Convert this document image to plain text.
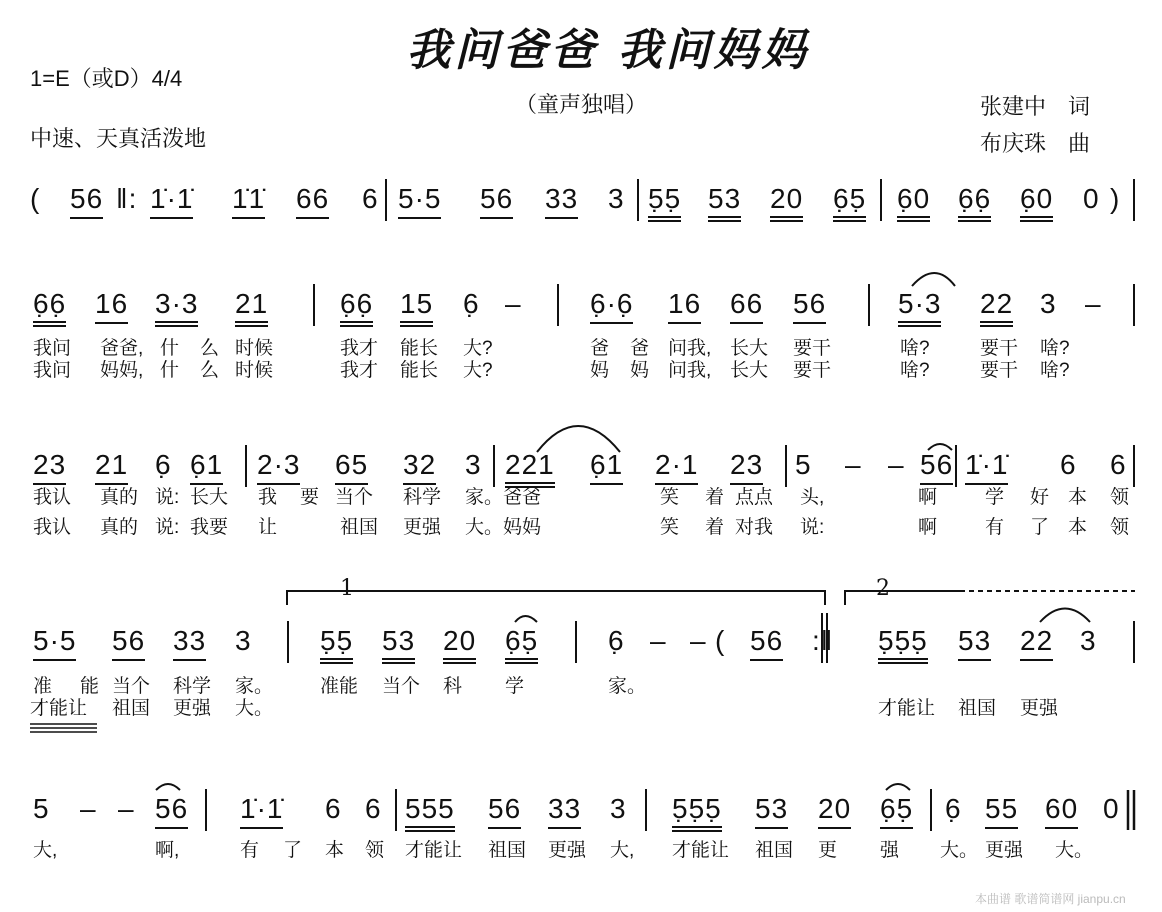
我问爸爸 我问妈妈
1=E（或D）4/4
（童声独唱）
中速、天真活泼地
张建中　词
布庆珠　曲
1	2
本曲谱 歌谱简谱网 jianpu.cn
( 56 ‖: 1̇·1̇ 1̇1̇ 66 6 5·5 56 33 3 5̣5̣ 53 20 6̣5̣ 6̣0 6̣6̣ 6̣0 0 )
6̣6̣ 16 3·3 21	6̣6̣ 15 6̣ – 6̣·6̣ 16 66 56	5·3 22 3 –
我问 爸爸, 什 么 时候	我才 能长 大?	爸 爸 问我, 长大 要干	啥?	要干 啥?
我问 妈妈, 什 么 时候	我才 能长 大?	妈 妈 问我, 长大 要干	啥?	要干 啥?
23 21 6̣ 6̣1 2·3 65 32 3 221 6̣1 2·1 23 5 – – 56 1̇·1̇ 6 6
我认 真的 说: 长大 我 要 当个 科学 家。爸爸	笑 着 点点 头,	啊	学 好 本 领
我认 真的 说: 我要 让	祖国 更强 大。妈妈	笑 着 对我 说:	啊	有 了 本 领
5·5 56 33 3 5̣5̣ 53 20 6̣5̣ 6̣ – – ( 56 :‖ 5̣5̣5̣ 53 22 3
准 能 当个 科学 家。 准能 当个 科 学	家。
才能让 祖国 更强 大。	才能让 祖国 更强
5 – – 56 1̇·1̇ 6 6 555 56 33 3 5̣5̣5̣ 53 20 6̣5̣ 6̣ 55 60 0
大,	啊,	有 了 本 领 才能让 祖国 更强 大, 才能让 祖国 更 强 大。 更强 大。
